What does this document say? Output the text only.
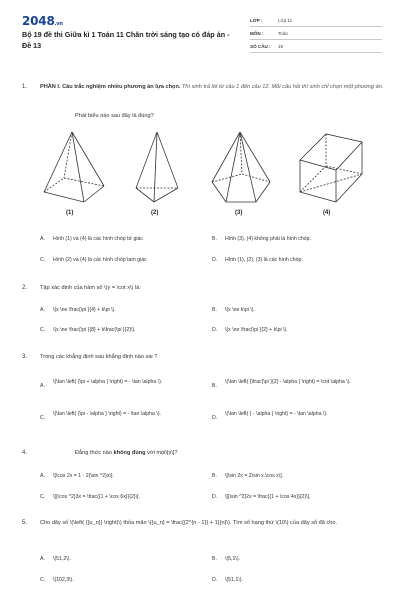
2048.vn
Bộ 19 đề thi Giữa kì 1 Toán 11 Chân trời sáng tạo có đáp án - Đề 13
LỚP :	Lớp 11
MÔN :	Toán
SỐ CÂU : 19
1. PHẦN I. Câu trắc nghiệm nhiều phương án lựa chọn. Thí sinh trả lời từ câu 1 đến câu 12. Mỗi câu hỏi thí sinh chỉ chọn một phương án.
Phát biểu nào sau đây là đúng?
(1)	(2)	(3)	(4)
A. Hình (1) và (4) là các hình chóp tứ giác	B. Hình (3), (4) không phải là hình chóp.
C. Hình (2) và (4) là các hình chóp tam giác	D. Hình (1), (2), (3) là các hình chóp.
2. Tập xác định của hàm số \(y = \cot x\) là:
A. \(x \ne \frac{\pi }{4} + k\pi \).	B. \(x \ne k\pi \).
C. \(x \ne \frac{\pi }{8} + k\frac{\pi }{2}\).	D. \(x \ne \frac{\pi }{2} + k\pi \).
3. Trong các khẳng định sau khẳng định nào sai ?
A.
\(\tan \left( {\pi + \alpha } \right) = - \tan \alpha \).
B.
\(\tan \left( {\frac{\pi }{2} - \alpha } \right) = \cot \alpha \).
C.
\(\tan \left( {\pi - \alpha } \right) = - \tan \alpha \).
D.
\(\tan \left( { - \alpha } \right) = - \tan \alpha \).
4.	Đẳng thức nào không đúng với mọi\[x\]?
A. \[\cos 2x = 1 - 2{\sin ^2}x\].	B. \[\sin 2x = 2\sin x.\cos x\].
C. \[{\cos ^2}3x = \frac{{1 + \cos 6x}}{2}\].	D. \[{\sin ^2}2x = \frac{{1 + \cos 4x}}{2}\].
5. Cho dãy số \(\left( {{u_n}} \right)\) thỏa mãn \({u_n} = \frac{{2^{n - 1}} + 1}{n}\). Tìm số hạng thứ \(10\) của dãy số đã cho.
A. \(51,2\).	B. \(5,1\).
C. \(102,3\).	D. \(51,1\).
